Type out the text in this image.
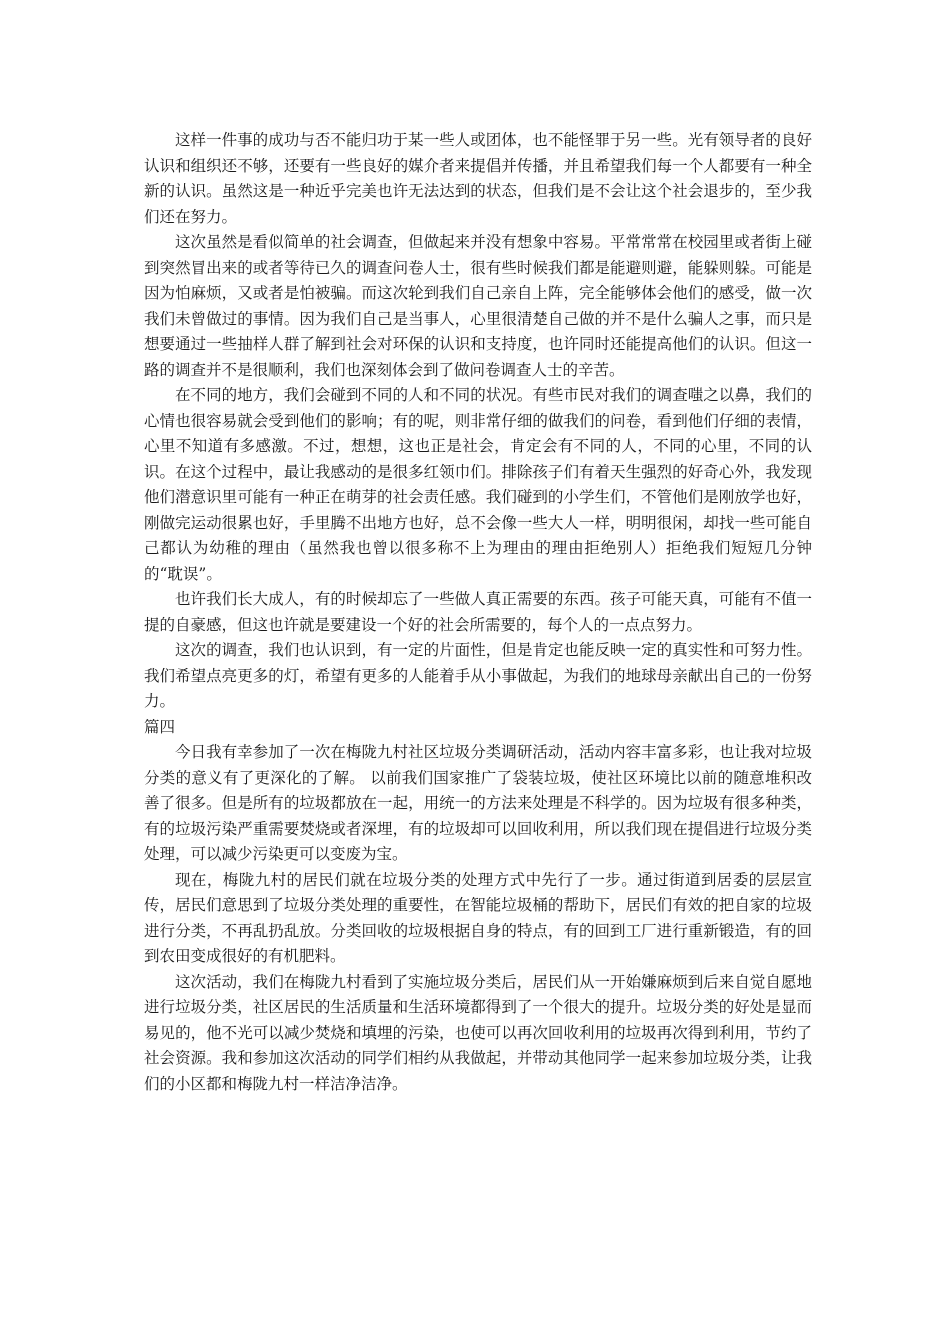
这样一件事的成功与否不能归功于某一些人或团体，也不能怪罪于另一些。光有领导者的良好认识和组织还不够，还要有一些良好的媒介者来提倡并传播，并且希望我们每一个人都要有一种全新的认识。虽然这是一种近乎完美也许无法达到的状态，但我们是不会让这个社会退步的，至少我们还在努力。

这次虽然是看似简单的社会调查，但做起来并没有想象中容易。平常常常在校园里或者街上碰到突然冒出来的或者等待已久的调查问卷人士，很有些时候我们都是能避则避，能躲则躲。可能是因为怕麻烦，又或者是怕被骗。而这次轮到我们自己亲自上阵，完全能够体会他们的感受，做一次我们未曾做过的事情。因为我们自己是当事人，心里很清楚自己做的并不是什么骗人之事，而只是想要通过一些抽样人群了解到社会对环保的认识和支持度，也许同时还能提高他们的认识。但这一路的调查并不是很顺利，我们也深刻体会到了做问卷调查人士的辛苦。

在不同的地方，我们会碰到不同的人和不同的状况。有些市民对我们的调查嗤之以鼻，我们的心情也很容易就会受到他们的影响；有的呢，则非常仔细的做我们的问卷，看到他们仔细的表情，心里不知道有多感激。不过，想想，这也正是社会，肯定会有不同的人，不同的心里，不同的认识。在这个过程中，最让我感动的是很多红领巾们。排除孩子们有着天生强烈的好奇心外，我发现他们潜意识里可能有一种正在萌芽的社会责任感。我们碰到的小学生们，不管他们是刚放学也好，刚做完运动很累也好，手里腾不出地方也好，总不会像一些大人一样，明明很闲，却找一些可能自己都认为幼稚的理由（虽然我也曾以很多称不上为理由的理由拒绝别人）拒绝我们短短几分钟的“耽误”。

也许我们长大成人，有的时候却忘了一些做人真正需要的东西。孩子可能天真，可能有不值一提的自豪感，但这也许就是要建设一个好的社会所需要的，每个人的一点点努力。

这次的调查，我们也认识到，有一定的片面性，但是肯定也能反映一定的真实性和可努力性。我们希望点亮更多的灯，希望有更多的人能着手从小事做起，为我们的地球母亲献出自己的一份努力。

篇四

今日我有幸参加了一次在梅陇九村社区垃圾分类调研活动，活动内容丰富多彩，也让我对垃圾分类的意义有了更深化的了解。 以前我们国家推广了袋装垃圾，使社区环境比以前的随意堆积改善了很多。但是所有的垃圾都放在一起，用统一的方法来处理是不科学的。因为垃圾有很多种类，有的垃圾污染严重需要焚烧或者深埋，有的垃圾却可以回收利用，所以我们现在提倡进行垃圾分类处理，可以减少污染更可以变废为宝。

现在，梅陇九村的居民们就在垃圾分类的处理方式中先行了一步。通过街道到居委的层层宣传，居民们意思到了垃圾分类处理的重要性，在智能垃圾桶的帮助下，居民们有效的把自家的垃圾进行分类，不再乱扔乱放。分类回收的垃圾根据自身的特点，有的回到工厂进行重新锻造，有的回到农田变成很好的有机肥料。

这次活动，我们在梅陇九村看到了实施垃圾分类后，居民们从一开始嫌麻烦到后来自觉自愿地进行垃圾分类，社区居民的生活质量和生活环境都得到了一个很大的提升。垃圾分类的好处是显而易见的，他不光可以减少焚烧和填埋的污染，也使可以再次回收利用的垃圾再次得到利用，节约了社会资源。我和参加这次活动的同学们相约从我做起，并带动其他同学一起来参加垃圾分类，让我们的小区都和梅陇九村一样洁净洁净。
